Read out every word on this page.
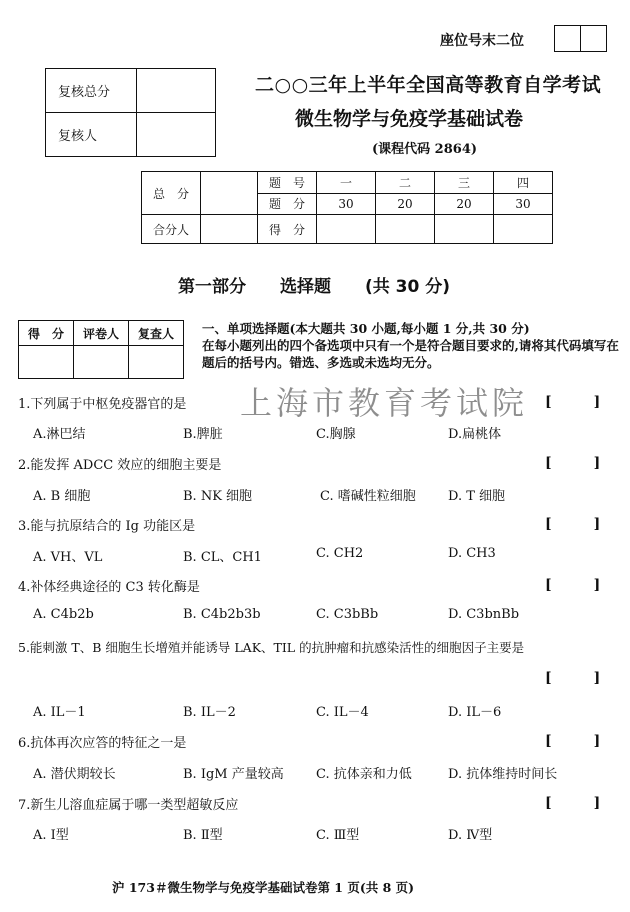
座位号末二位

复核总分	
复核人	
二○○三年上半年全国高等教育自学考试
微生物学与免疫学基础试卷
(课程代码 2864)
总　分		题　号	一	二	三	四
		题　分	30	20	20	30
合分人		得　分				
第一部分　　选择题　　(共 30 分)
得　分	评卷人	复查人
		一、单项选择题(本大题共 30 小题,每小题 1 分,共 30 分)
在每小题列出的四个备选项中只有一个是符合题目要求的,请将其代码填写在题后的括号内。错选、多选或未选均无分。
上海市教育考试院
1.下列属于中枢免疫器官的是	[　　　]
A.淋巴结	B.脾脏	C.胸腺	D.扁桃体
2.能发挥 ADCC 效应的细胞主要是	[　　　]
A. B 细胞	B. NK 细胞	C. 嗜碱性粒细胞 D. T 细胞
3.能与抗原结合的 Ig 功能区是	[　　　]
A. VH、VL	B. CL、CH1	C. CH2	D. CH3
4.补体经典途径的 C3 转化酶是	[　　　]
A. C4b2b	B. C4b2b3b	C. C3bBb	D. C3bnBb
5.能刺激 T、B 细胞生长增殖并能诱导 LAK、TIL 的抗肿瘤和抗感染活性的细胞因子主要是
[　　　]
A. IL－1	B. IL－2	C. IL－4	D. IL－6
6.抗体再次应答的特征之一是	[　　　]
A. 潜伏期较长	B. IgM 产量较高 C. 抗体亲和力低	D. 抗体维持时间长
7.新生儿溶血症属于哪一类型超敏反应	[　　　]
A. Ⅰ型	B. Ⅱ型	C. Ⅲ型	D. Ⅳ型
沪 173＃微生物学与免疫学基础试卷第 1 页(共 8 页)
